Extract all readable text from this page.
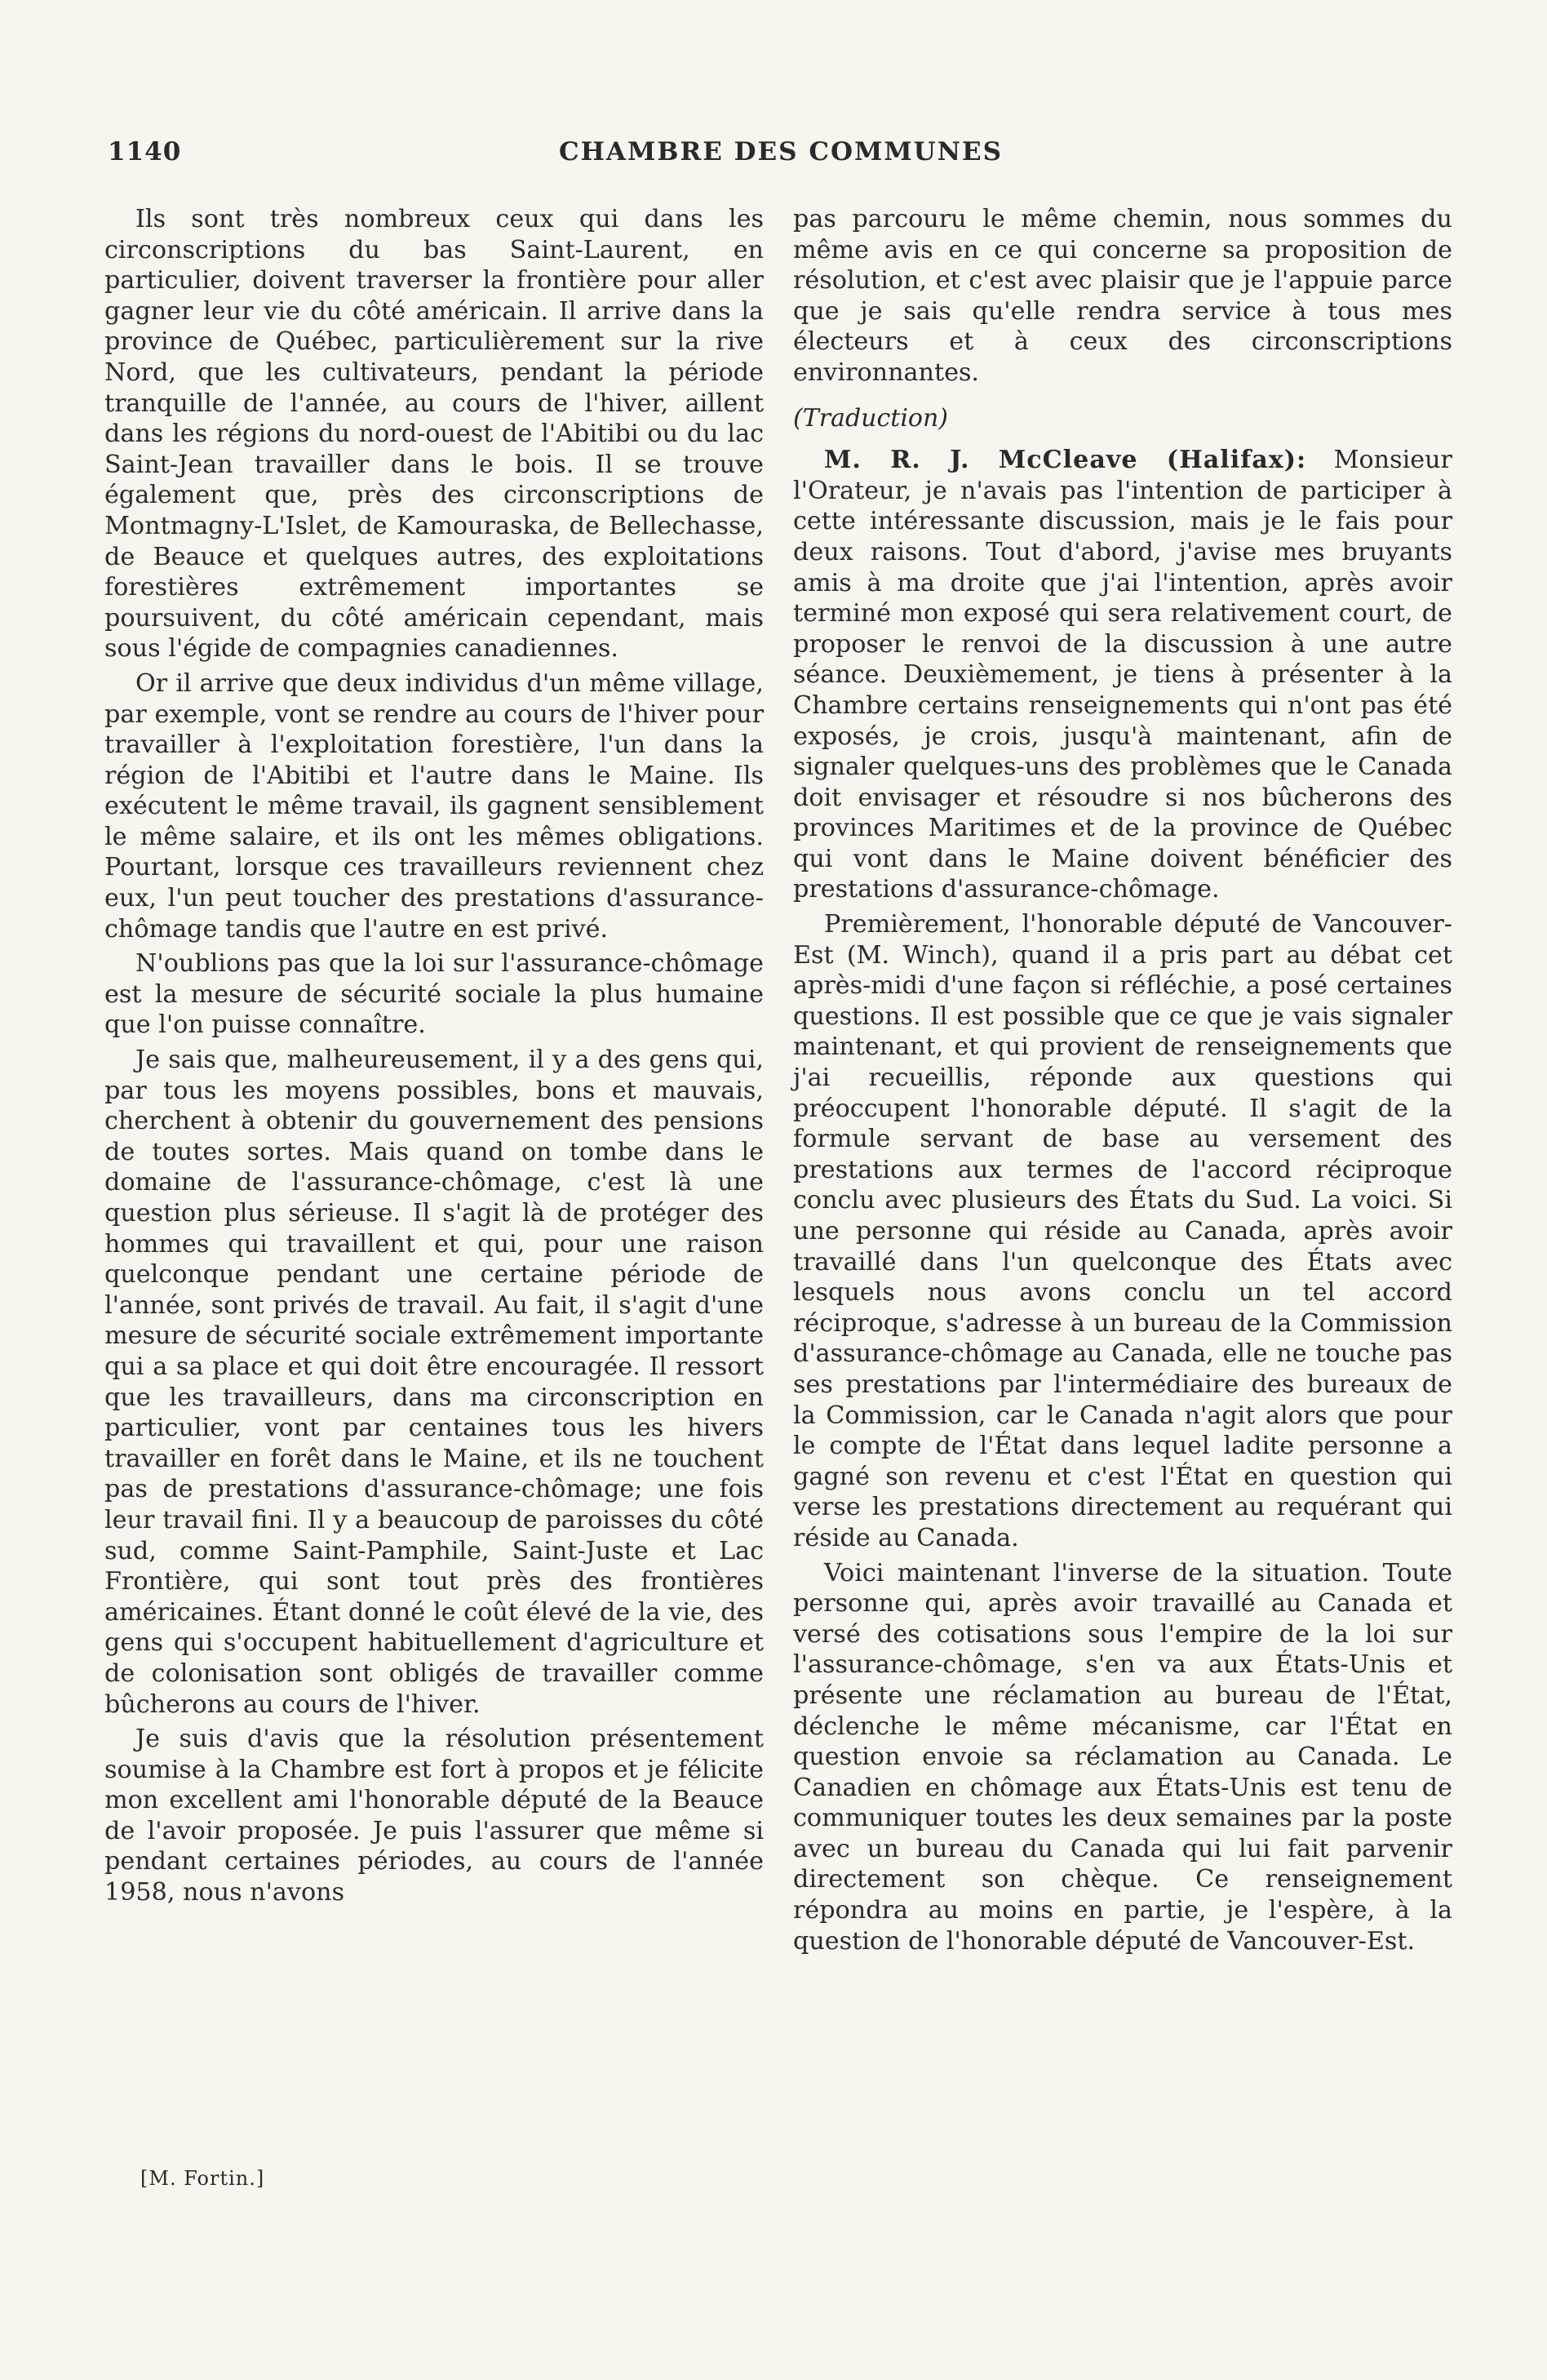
1140	CHAMBRE DES COMMUNES

Ils sont très nombreux ceux qui dans les circonscriptions du bas Saint-Laurent, en particulier, doivent traverser la frontière pour aller gagner leur vie du côté américain. Il arrive dans la province de Québec, particulièrement sur la rive Nord, que les cultivateurs, pendant la période tranquille de l'année, au cours de l'hiver, aillent dans les régions du nord-ouest de l'Abitibi ou du lac Saint-Jean travailler dans le bois. Il se trouve également que, près des circonscriptions de Montmagny-L'Islet, de Kamouraska, de Bellechasse, de Beauce et quelques autres, des exploitations forestières extrêmement importantes se poursuivent, du côté américain cependant, mais sous l'égide de compagnies canadiennes.

Or il arrive que deux individus d'un même village, par exemple, vont se rendre au cours de l'hiver pour travailler à l'exploitation forestière, l'un dans la région de l'Abitibi et l'autre dans le Maine. Ils exécutent le même travail, ils gagnent sensiblement le même salaire, et ils ont les mêmes obligations. Pourtant, lorsque ces travailleurs reviennent chez eux, l'un peut toucher des prestations d'assurance-chômage tandis que l'autre en est privé.

N'oublions pas que la loi sur l'assurance-chômage est la mesure de sécurité sociale la plus humaine que l'on puisse connaître.

Je sais que, malheureusement, il y a des gens qui, par tous les moyens possibles, bons et mauvais, cherchent à obtenir du gouvernement des pensions de toutes sortes. Mais quand on tombe dans le domaine de l'assurance-chômage, c'est là une question plus sérieuse. Il s'agit là de protéger des hommes qui travaillent et qui, pour une raison quelconque pendant une certaine période de l'année, sont privés de travail. Au fait, il s'agit d'une mesure de sécurité sociale extrêmement importante qui a sa place et qui doit être encouragée. Il ressort que les travailleurs, dans ma circonscription en particulier, vont par centaines tous les hivers travailler en forêt dans le Maine, et ils ne touchent pas de prestations d'assurance-chômage; une fois leur travail fini. Il y a beaucoup de paroisses du côté sud, comme Saint-Pamphile, Saint-Juste et Lac Frontière, qui sont tout près des frontières américaines. Étant donné le coût élevé de la vie, des gens qui s'occupent habituellement d'agriculture et de colonisation sont obligés de travailler comme bûcherons au cours de l'hiver.

Je suis d'avis que la résolution présentement soumise à la Chambre est fort à propos et je félicite mon excellent ami l'honorable député de la Beauce de l'avoir proposée. Je puis l'assurer que même si pendant certaines périodes, au cours de l'année 1958, nous n'avons

pas parcouru le même chemin, nous sommes du même avis en ce qui concerne sa proposition de résolution, et c'est avec plaisir que je l'appuie parce que je sais qu'elle rendra service à tous mes électeurs et à ceux des circonscriptions environnantes.

(Traduction)

M. R. J. McCleave (Halifax): Monsieur l'Orateur, je n'avais pas l'intention de participer à cette intéressante discussion, mais je le fais pour deux raisons. Tout d'abord, j'avise mes bruyants amis à ma droite que j'ai l'intention, après avoir terminé mon exposé qui sera relativement court, de proposer le renvoi de la discussion à une autre séance. Deuxièmement, je tiens à présenter à la Chambre certains renseignements qui n'ont pas été exposés, je crois, jusqu'à maintenant, afin de signaler quelques-uns des problèmes que le Canada doit envisager et résoudre si nos bûcherons des provinces Maritimes et de la province de Québec qui vont dans le Maine doivent bénéficier des prestations d'assurance-chômage.

Premièrement, l'honorable député de Vancouver-Est (M. Winch), quand il a pris part au débat cet après-midi d'une façon si réfléchie, a posé certaines questions. Il est possible que ce que je vais signaler maintenant, et qui provient de renseignements que j'ai recueillis, réponde aux questions qui préoccupent l'honorable député. Il s'agit de la formule servant de base au versement des prestations aux termes de l'accord réciproque conclu avec plusieurs des États du Sud. La voici. Si une personne qui réside au Canada, après avoir travaillé dans l'un quelconque des États avec lesquels nous avons conclu un tel accord réciproque, s'adresse à un bureau de la Commission d'assurance-chômage au Canada, elle ne touche pas ses prestations par l'intermédiaire des bureaux de la Commission, car le Canada n'agit alors que pour le compte de l'État dans lequel ladite personne a gagné son revenu et c'est l'État en question qui verse les prestations directement au requérant qui réside au Canada.

Voici maintenant l'inverse de la situation. Toute personne qui, après avoir travaillé au Canada et versé des cotisations sous l'empire de la loi sur l'assurance-chômage, s'en va aux États-Unis et présente une réclamation au bureau de l'État, déclenche le même mécanisme, car l'État en question envoie sa réclamation au Canada. Le Canadien en chômage aux États-Unis est tenu de communiquer toutes les deux semaines par la poste avec un bureau du Canada qui lui fait parvenir directement son chèque. Ce renseignement répondra au moins en partie, je l'espère, à la question de l'honorable député de Vancouver-Est.

[M. Fortin.]
